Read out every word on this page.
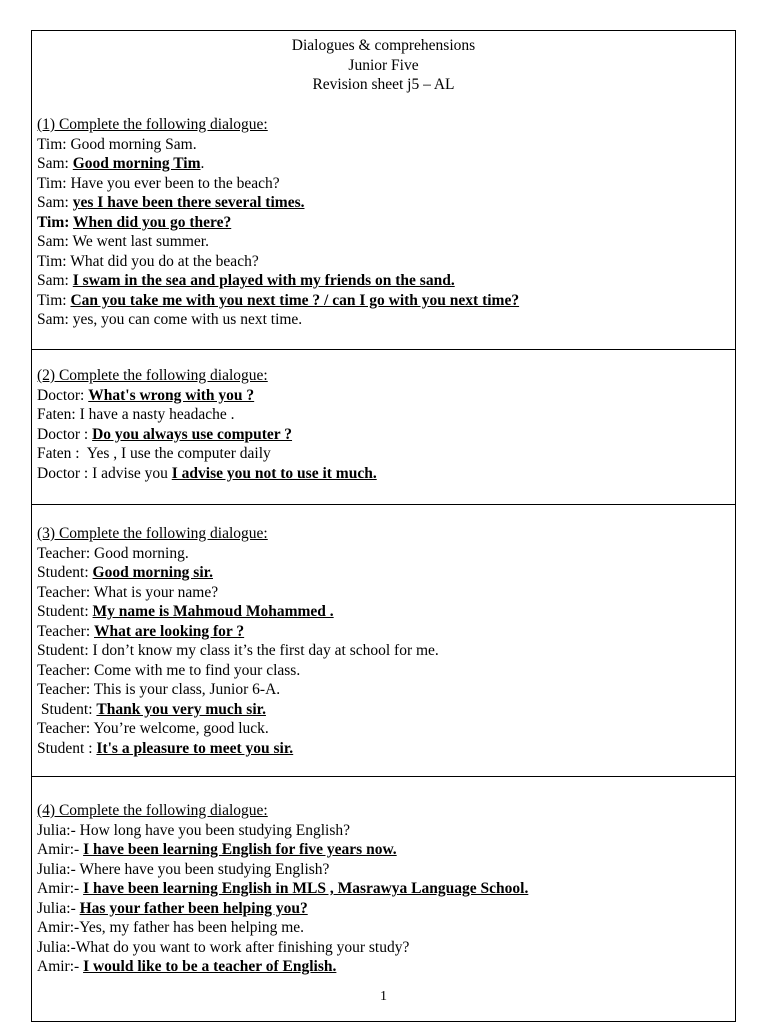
Dialogues & comprehensions
Junior Five
Revision sheet j5 – AL
(1) Complete the following dialogue:
Tim: Good morning Sam.
Sam: Good morning Tim.
Tim: Have you ever been to the beach?
Sam: yes I have been there several times.
Tim: When did you go there?
Sam: We went last summer.
Tim: What did you do at the beach?
Sam: I swam in the sea and played with my friends on the sand.
Tim: Can you take me with you next time ? / can I go with you next time?
Sam: yes, you can come with us next time.
(2) Complete the following dialogue:
Doctor: What's wrong with you ?
Faten: I have a nasty headache .
Doctor : Do you always use computer ?
Faten :  Yes , I use the computer daily
Doctor : I advise you I advise you not to use it much.
(3) Complete the following dialogue:
Teacher: Good morning.
Student: Good morning sir.
Teacher: What is your name?
Student: My name is Mahmoud Mohammed .
Teacher: What are looking for ?
Student: I don’t know my class it’s the first day at school for me.
Teacher: Come with me to find your class.
Teacher: This is your class, Junior 6-A.
Student: Thank you very much sir.
Teacher: You’re welcome, good luck.
Student : It's a pleasure to meet you sir.
(4) Complete the following dialogue:
Julia:- How long have you been studying English?
Amir:- I have been learning English for five years now.
Julia:- Where have you been studying English?
Amir:- I have been learning English in MLS , Masrawya Language School.
Julia:- Has your father been helping you?
Amir:-Yes, my father has been helping me.
Julia:-What do you want to work after finishing your study?
Amir:- I would like to be a teacher of English.
1
